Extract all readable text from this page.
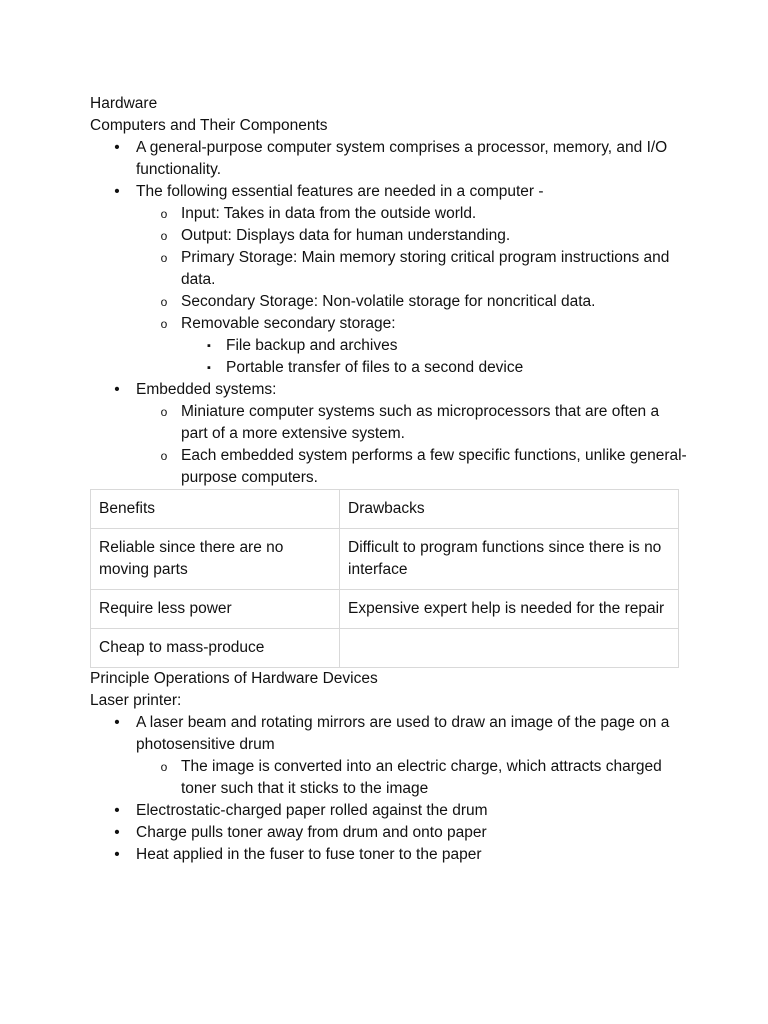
Hardware
Computers and Their Components
• A general-purpose computer system comprises a processor, memory, and I/O functionality.
• The following essential features are needed in a computer -
o Input: Takes in data from the outside world.
o Output: Displays data for human understanding.
o Primary Storage: Main memory storing critical program instructions and data.
o Secondary Storage: Non-volatile storage for noncritical data.
o Removable secondary storage:
▪ File backup and archives
▪ Portable transfer of files to a second device
• Embedded systems:
o Miniature computer systems such as microprocessors that are often a part of a more extensive system.
o Each embedded system performs a few specific functions, unlike general-purpose computers.
Benefits	Drawbacks
Reliable since there are no moving parts	Difficult to program functions since there is no interface
Require less power	Expensive expert help is needed for the repair
Cheap to mass-produce	
Principle Operations of Hardware Devices
Laser printer:
• A laser beam and rotating mirrors are used to draw an image of the page on a photosensitive drum
o The image is converted into an electric charge, which attracts charged toner such that it sticks to the image
• Electrostatic-charged paper rolled against the drum
• Charge pulls toner away from drum and onto paper
• Heat applied in the fuser to fuse toner to the paper
